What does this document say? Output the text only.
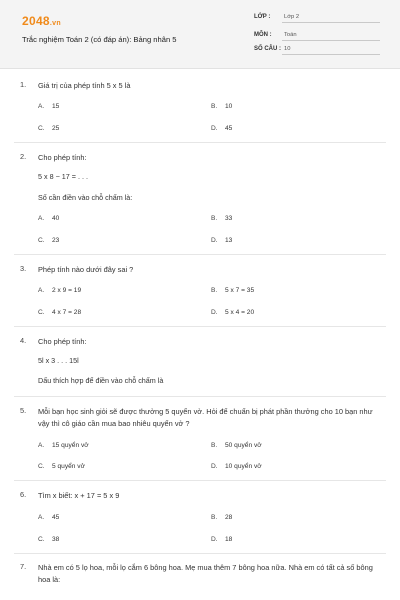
2048.vn
Trắc nghiệm Toán 2 (có đáp án): Bảng nhân 5
LỚP :	Lớp 2
MÔN :	Toán
SỐ CÂU : 10
1. Giá trị của phép tính 5 x 5 là
A. 15	B. 10
C. 25	D. 45
2. Cho phép tính:
5 x 8 − 17 = . . .
Số cần điền vào chỗ chấm là:
A. 40	B. 33
C. 23	D. 13
3. Phép tính nào dưới đây sai ?
A. 2 x 9 = 19	B. 5 x 7 = 35
C. 4 x 7 = 28	D. 5 x 4 = 20
4. Cho phép tính:
5l x 3 . . . 15l
Dấu thích hợp để điền vào chỗ chấm là
5. Mỗi bạn học sinh giỏi sẽ được thưởng 5 quyển vở. Hỏi để chuẩn bị phát phần thưởng cho 10 bạn như vậy thì cô giáo cần mua bao nhiêu quyển vở ?
A. 15 quyển vở	B. 50 quyển vở
C. 5 quyển vở	D. 10 quyển vở
6. Tìm x biết: x + 17 = 5 x 9
A. 45	B. 28
C. 38	D. 18
7. Nhà em có 5 lọ hoa, mỗi lọ cắm 6 bông hoa. Mẹ mua thêm 7 bông hoa nữa. Nhà em có tất cả số bông hoa là:
